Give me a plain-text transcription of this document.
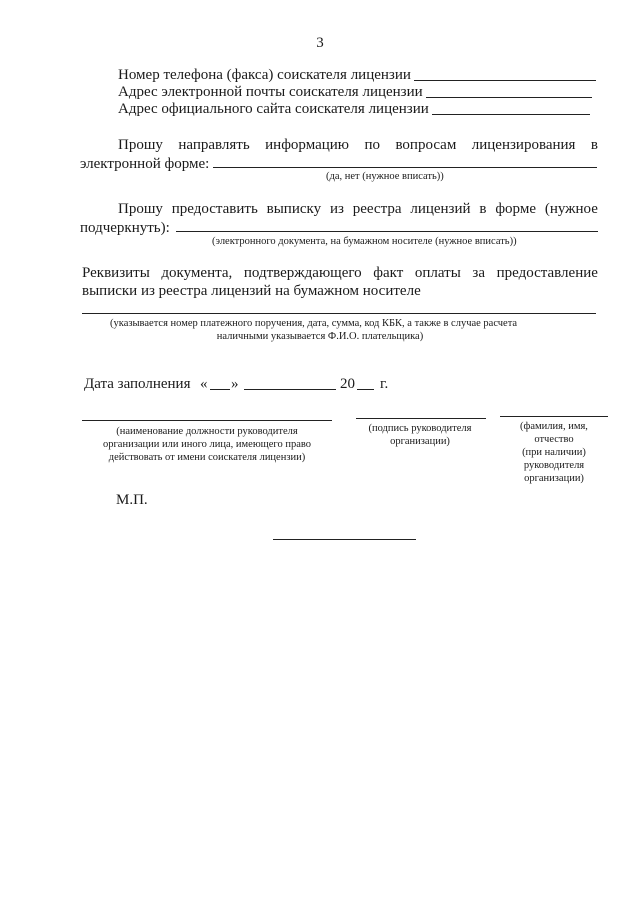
3
Номер телефона (факса) соискателя лицензии
Адрес электронной почты соискателя лицензии
Адрес официального сайта соискателя лицензии
Прошу направлять информацию по вопросам лицензирования в
электронной форме:
(да, нет (нужное вписать))
Прошу предоставить выписку из реестра лицензий в форме (нужное
подчеркнуть):
(электронного документа, на бумажном носителе (нужное вписать))
Реквизиты документа, подтверждающего факт оплаты за предоставление
выписки из реестра лицензий на бумажном носителе
(указывается номер платежного поручения, дата, сумма, код КБК, а также в случае расчета
наличными указывается Ф.И.О. плательщика)
Дата заполнения « »	20 г.
(наименование должности руководителя
организации или иного лица, имеющего право
действовать от имени соискателя лицензии)
(подпись руководителя
организации)
(фамилия, имя,
отчество
(при наличии)
руководителя
организации)
М.П.
